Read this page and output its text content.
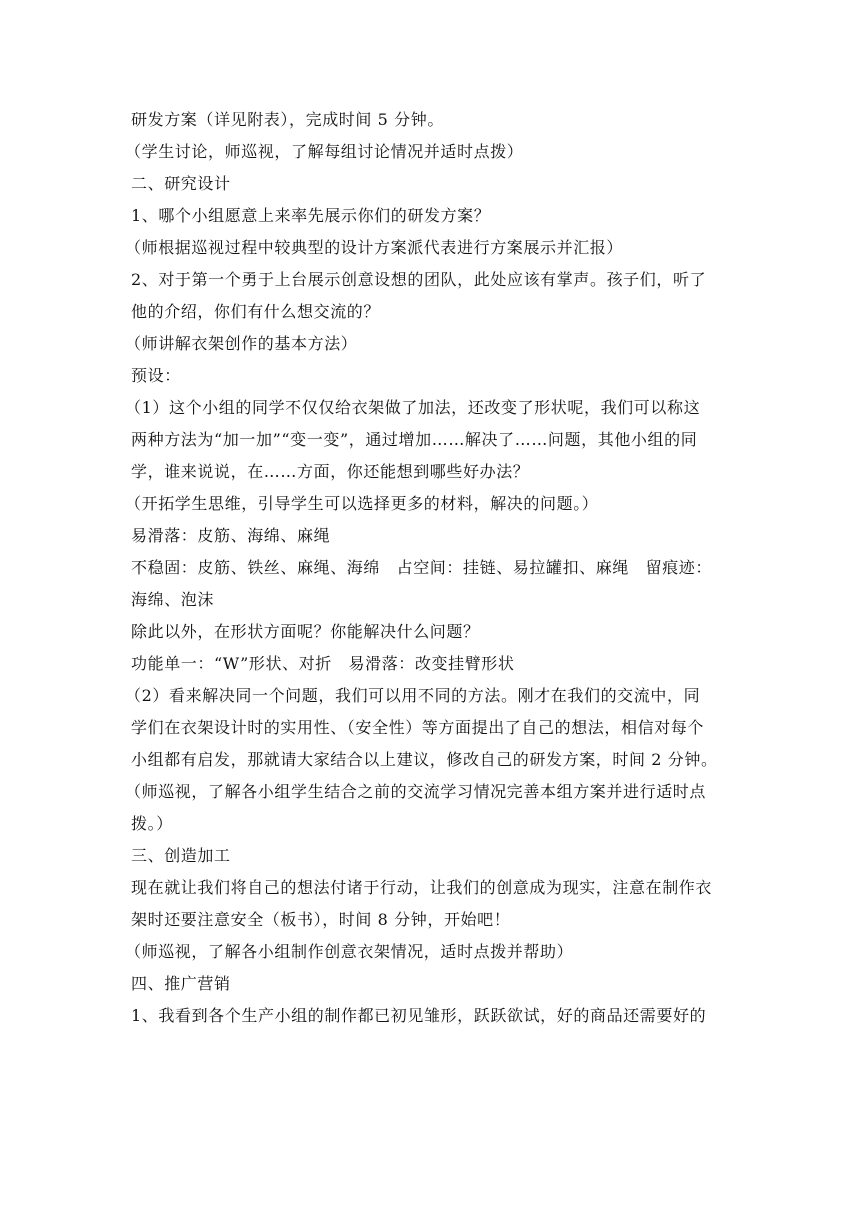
研发方案（详见附表），完成时间 5 分钟。
（学生讨论，师巡视，了解每组讨论情况并适时点拨）
二、研究设计
1、哪个小组愿意上来率先展示你们的研发方案？
（师根据巡视过程中较典型的设计方案派代表进行方案展示并汇报）
2、对于第一个勇于上台展示创意设想的团队，此处应该有掌声。孩子们，听了
他的介绍，你们有什么想交流的？
（师讲解衣架创作的基本方法）
预设：
（1）这个小组的同学不仅仅给衣架做了加法，还改变了形状呢，我们可以称这
两种方法为“加一加”“变一变”，通过增加……解决了……问题，其他小组的同
学，谁来说说，在……方面，你还能想到哪些好办法？
（开拓学生思维，引导学生可以选择更多的材料，解决的问题。）
易滑落：皮筋、海绵、麻绳
不稳固：皮筋、铁丝、麻绳、海绵　占空间：挂链、易拉罐扣、麻绳　留痕迹：
海绵、泡沫
除此以外，在形状方面呢？你能解决什么问题？
功能单一：“W”形状、对折　易滑落：改变挂臂形状
（2）看来解决同一个问题，我们可以用不同的方法。刚才在我们的交流中，同
学们在衣架设计时的实用性、（安全性）等方面提出了自己的想法，相信对每个
小组都有启发，那就请大家结合以上建议，修改自己的研发方案，时间 2 分钟。
（师巡视，了解各小组学生结合之前的交流学习情况完善本组方案并进行适时点
拨。）
三、创造加工
现在就让我们将自己的想法付诸于行动，让我们的创意成为现实，注意在制作衣
架时还要注意安全（板书），时间 8 分钟，开始吧！
（师巡视，了解各小组制作创意衣架情况，适时点拨并帮助）
四、推广营销
1、我看到各个生产小组的制作都已初见雏形，跃跃欲试，好的商品还需要好的
